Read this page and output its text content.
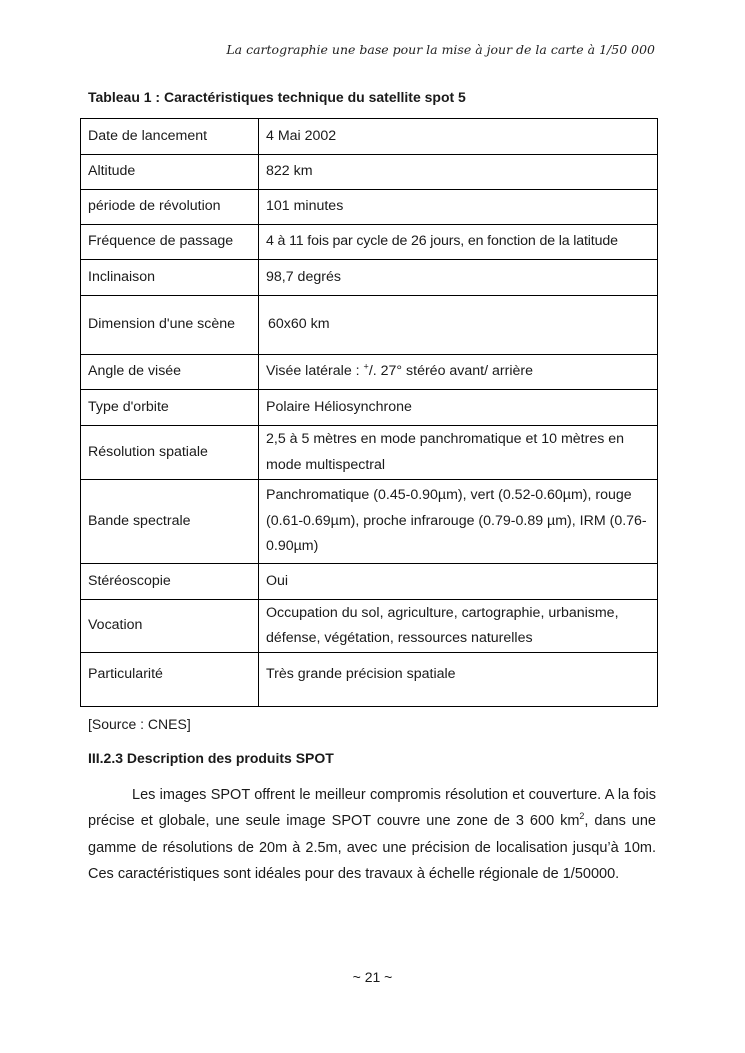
La cartographie une base pour la mise à jour de la carte à 1/50 000
Tableau 1 : Caractéristiques technique du satellite spot 5
Date de lancement	4 Mai 2002
Altitude	822 km
période de révolution	101 minutes
Fréquence de passage	4 à 11 fois par cycle de 26 jours, en fonction de la latitude
Inclinaison	98,7 degrés
Dimension d'une scène	60x60 km
Angle de visée	Visée latérale : +/. 27° stéréo avant/ arrière
Type d'orbite	Polaire Héliosynchrone
Résolution spatiale	2,5 à 5 mètres en mode panchromatique et 10 mètres en mode multispectral
Bande spectrale	Panchromatique (0.45-0.90µm), vert (0.52-0.60µm), rouge (0.61-0.69µm), proche infrarouge (0.79-0.89 µm), IRM (0.76-0.90µm)
Stéréoscopie	Oui
Vocation	Occupation du sol, agriculture, cartographie, urbanisme, défense, végétation, ressources naturelles
Particularité	Très grande précision spatiale
[Source : CNES]
III.2.3 Description des produits SPOT

Les images SPOT offrent le meilleur compromis résolution et couverture. A la fois précise et globale, une seule image SPOT couvre une zone de 3 600 $km^2$, dans une gamme de résolutions de 20m à 2.5m, avec une précision de localisation jusqu’à 10m. Ces caractéristiques sont idéales pour des travaux à échelle régionale de 1/50000.

~ 21 ~
